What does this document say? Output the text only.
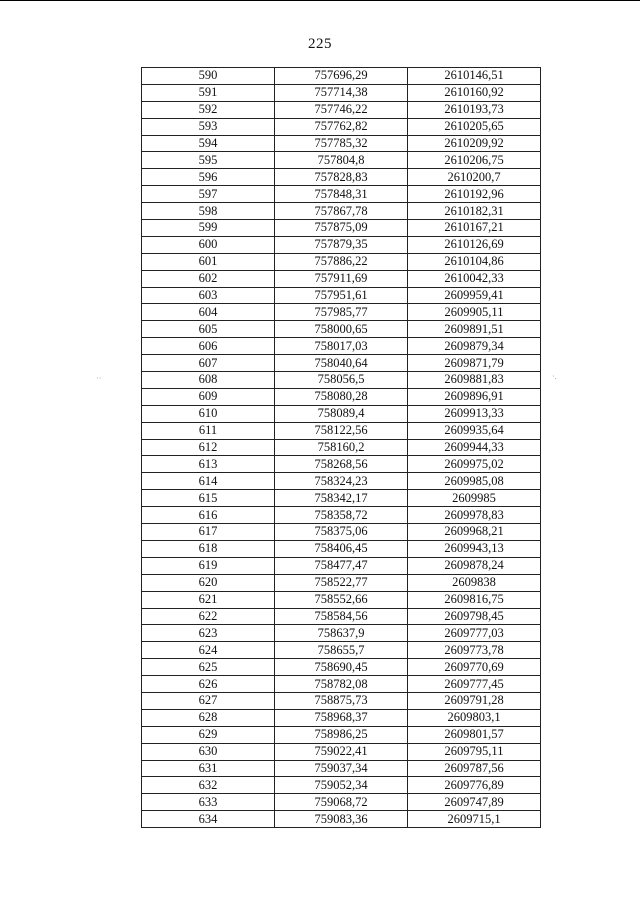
225
··	·.
590	757696,29	2610146,51
591	757714,38	2610160,92
592	757746,22	2610193,73
593	757762,82	2610205,65
594	757785,32	2610209,92
595	757804,8	2610206,75
596	757828,83	2610200,7
597	757848,31	2610192,96
598	757867,78	2610182,31
599	757875,09	2610167,21
600	757879,35	2610126,69
601	757886,22	2610104,86
602	757911,69	2610042,33
603	757951,61	2609959,41
604	757985,77	2609905,11
605	758000,65	2609891,51
606	758017,03	2609879,34
607	758040,64	2609871,79
608	758056,5	2609881,83
609	758080,28	2609896,91
610	758089,4	2609913,33
611	758122,56	2609935,64
612	758160,2	2609944,33
613	758268,56	2609975,02
614	758324,23	2609985,08
615	758342,17	2609985
616	758358,72	2609978,83
617	758375,06	2609968,21
618	758406,45	2609943,13
619	758477,47	2609878,24
620	758522,77	2609838
621	758552,66	2609816,75
622	758584,56	2609798,45
623	758637,9	2609777,03
624	758655,7	2609773,78
625	758690,45	2609770,69
626	758782,08	2609777,45
627	758875,73	2609791,28
628	758968,37	2609803,1
629	758986,25	2609801,57
630	759022,41	2609795,11
631	759037,34	2609787,56
632	759052,34	2609776,89
633	759068,72	2609747,89
634	759083,36	2609715,1
